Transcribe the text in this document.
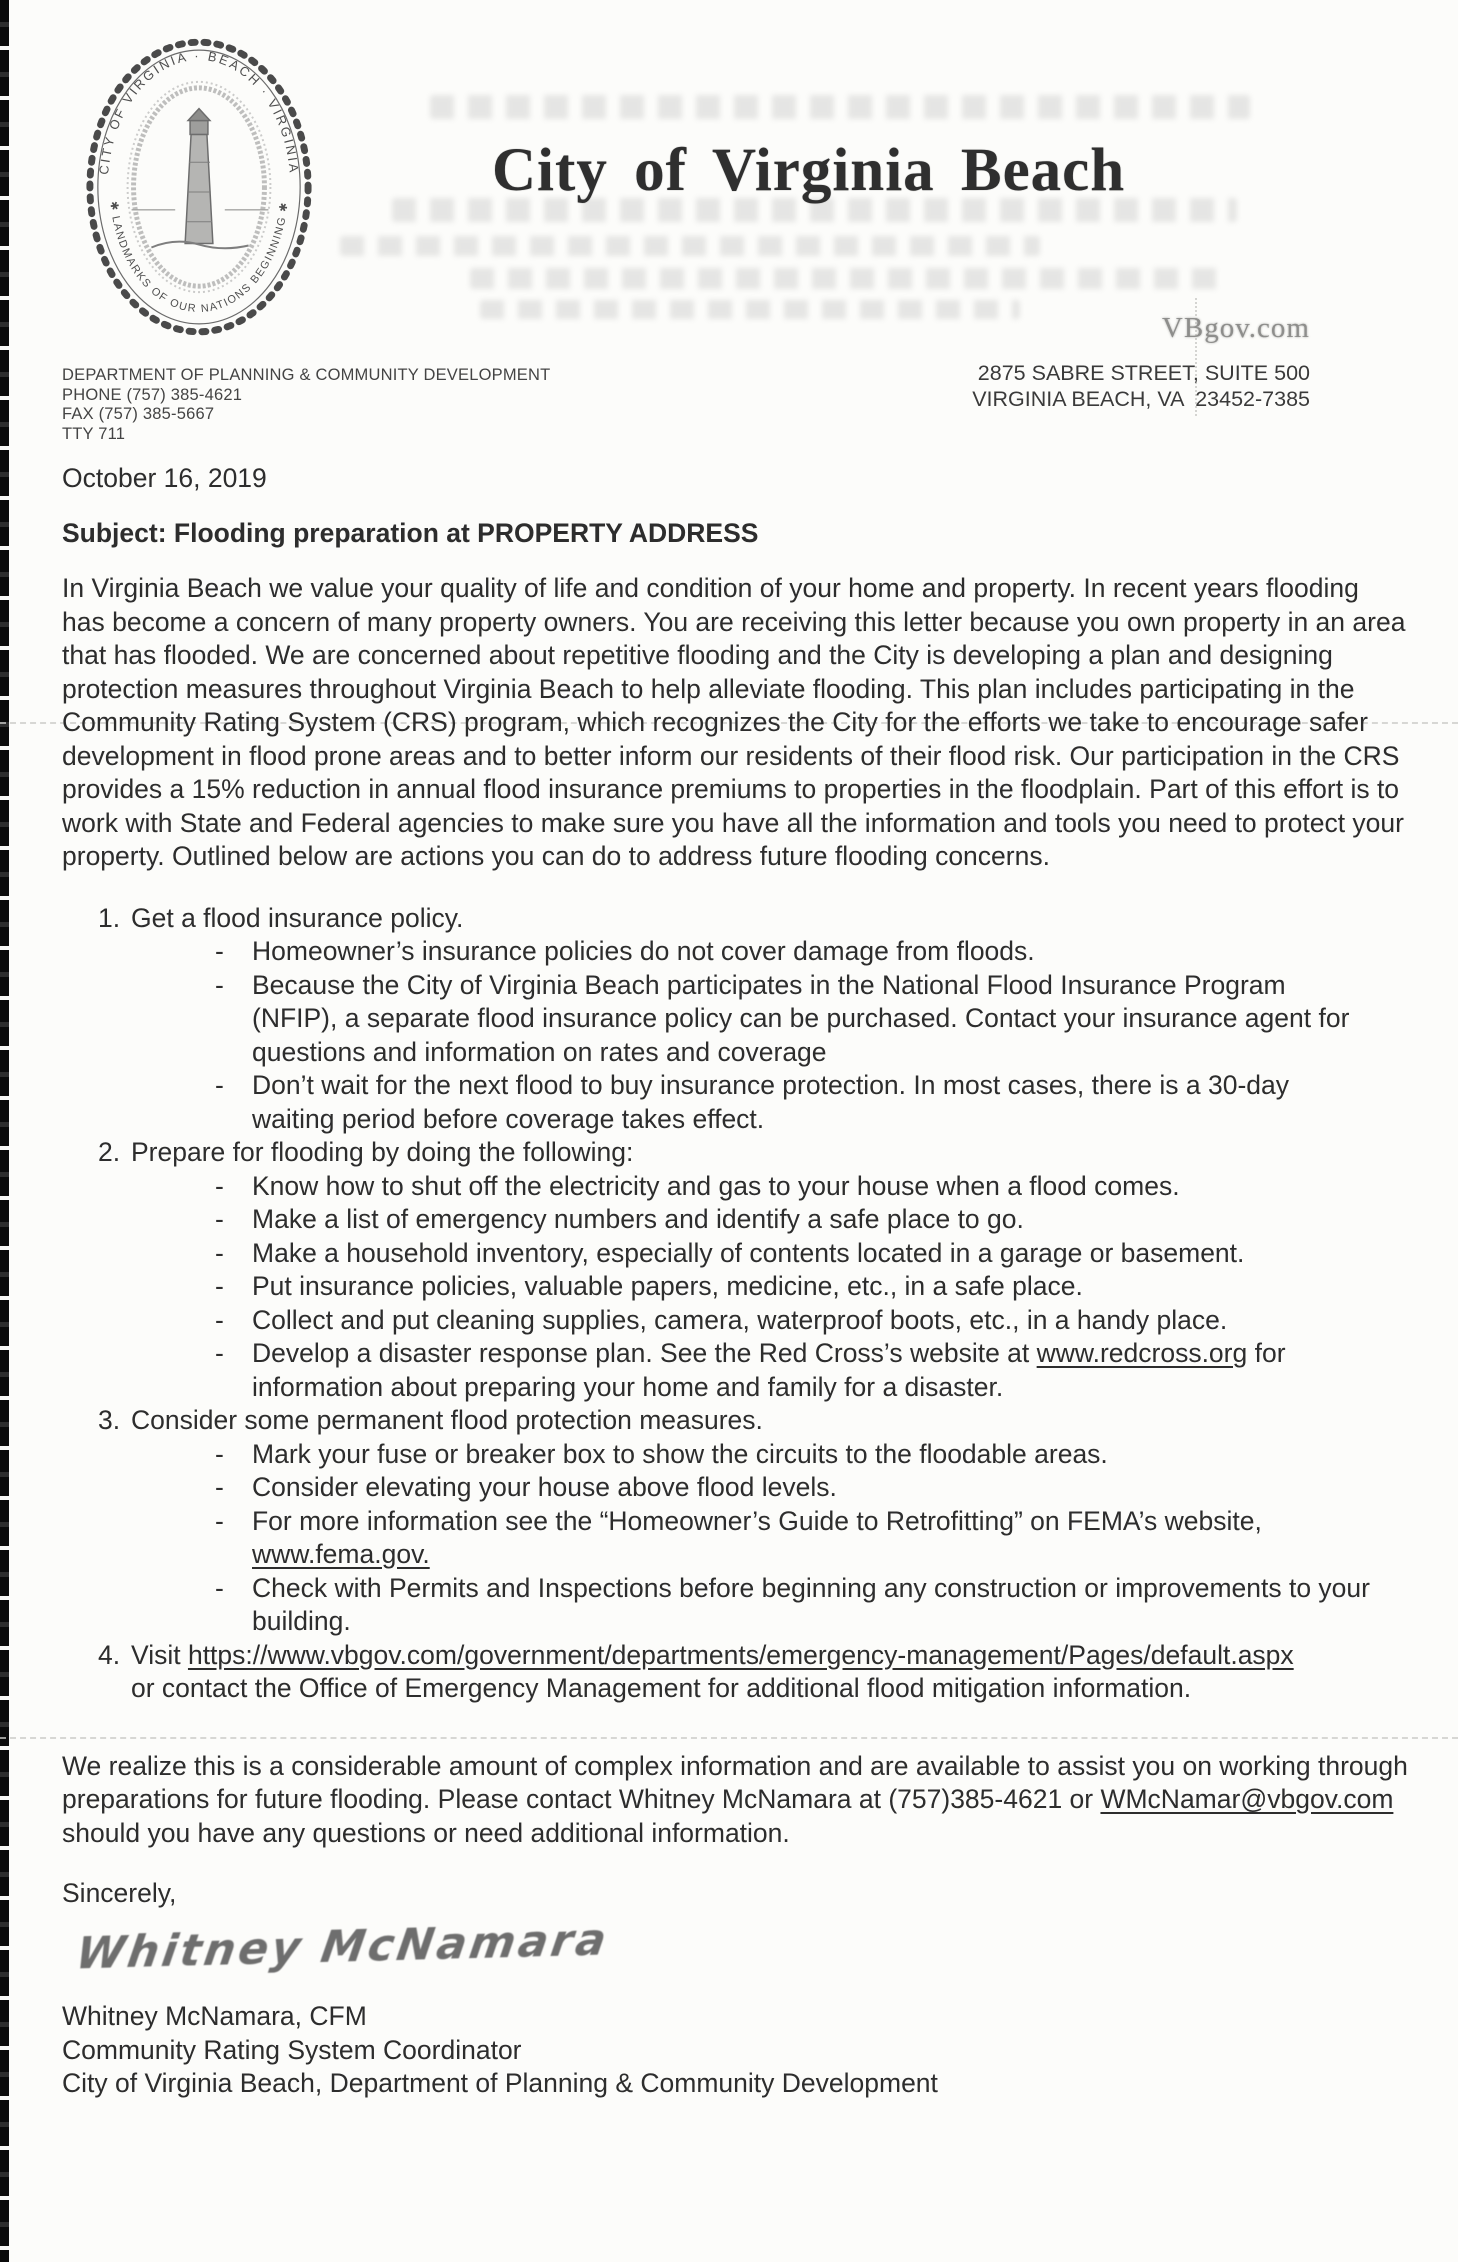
CITY OF VIRGINIA · BEACH · VIRGINIA
✱ LANDMARKS OF OUR NATIONS BEGINNING ✱
City of Virginia Beach
VBgov.com
2875 SABRE STREET, SUITE 500
VIRGINIA BEACH, VA  23452-7385
DEPARTMENT OF PLANNING & COMMUNITY DEVELOPMENT
PHONE (757) 385-4621
FAX (757) 385-5667
TTY 711
October 16, 2019
Subject: Flooding preparation at PROPERTY ADDRESS

In Virginia Beach we value your quality of life and condition of your home and property. In recent years flooding has become a concern of many property owners. You are receiving this letter because you own property in an area that has flooded. We are concerned about repetitive flooding and the City is developing a plan and designing protection measures throughout Virginia Beach to help alleviate flooding. This plan includes participating in the Community Rating System (CRS) program, which recognizes the City for the efforts we take to encourage safer development in flood prone areas and to better inform our residents of their flood risk. Our participation in the CRS provides a 15% reduction in annual flood insurance premiums to properties in the floodplain. Part of this effort is to work with State and Federal agencies to make sure you have all the information and tools you need to protect your property. Outlined below are actions you can do to address future flooding concerns.

1. Get a flood insurance policy.
-	Homeowner’s insurance policies do not cover damage from floods.
-	Because the City of Virginia Beach participates in the National Flood Insurance Program (NFIP), a separate flood insurance policy can be purchased. Contact your insurance agent for questions and information on rates and coverage
-	Don’t wait for the next flood to buy insurance protection. In most cases, there is a 30-day waiting period before coverage takes effect.
2. Prepare for flooding by doing the following:
-	Know how to shut off the electricity and gas to your house when a flood comes.
-	Make a list of emergency numbers and identify a safe place to go.
-	Make a household inventory, especially of contents located in a garage or basement.
-	Put insurance policies, valuable papers, medicine, etc., in a safe place.
-	Collect and put cleaning supplies, camera, waterproof boots, etc., in a handy place.
-	Develop a disaster response plan. See the Red Cross’s website at www.redcross.org for information about preparing your home and family for a disaster.
3. Consider some permanent flood protection measures.
-	Mark your fuse or breaker box to show the circuits to the floodable areas.
-	Consider elevating your house above flood levels.
-	For more information see the “Homeowner’s Guide to Retrofitting” on FEMA’s website, www.fema.gov.
-	Check with Permits and Inspections before beginning any construction or improvements to your building.
4. Visit https://www.vbgov.com/government/departments/emergency-management/Pages/default.aspx or contact the Office of Emergency Management for additional flood mitigation information.

We realize this is a considerable amount of complex information and are available to assist you on working through preparations for future flooding. Please contact Whitney McNamara at (757)385-4621 or WMcNamar@vbgov.com should you have any questions or need additional information.

Sincerely,
Whitney McNamara
Whitney McNamara, CFM
Community Rating System Coordinator
City of Virginia Beach, Department of Planning & Community Development
